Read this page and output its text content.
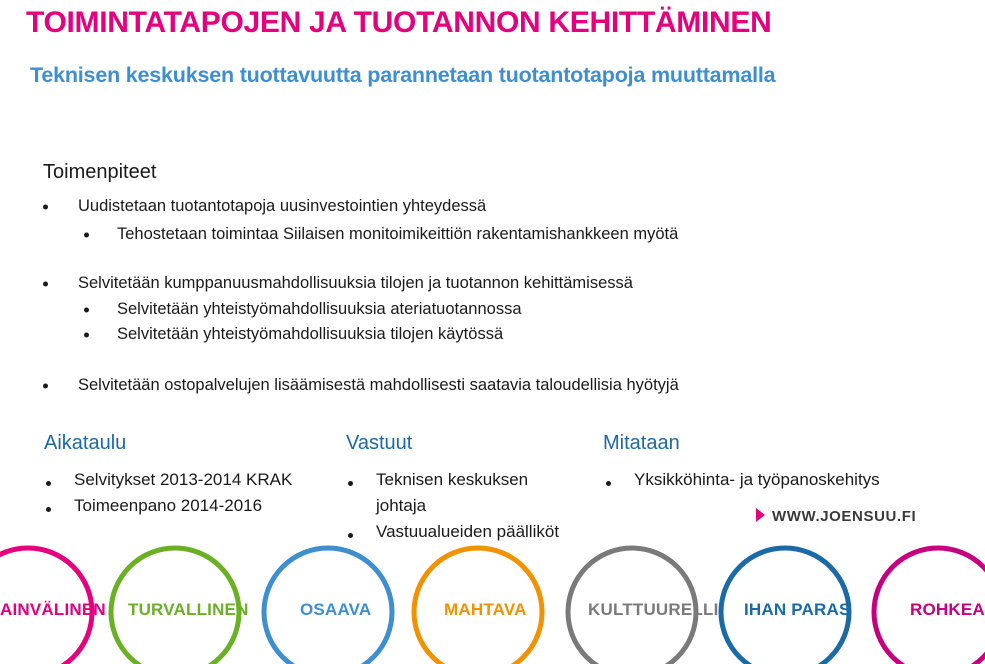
TOIMINTATAPOJEN JA TUOTANNON KEHITTÄMINEN
Teknisen keskuksen tuottavuutta parannetaan tuotantotapoja muuttamalla
Toimenpiteet
Uudistetaan tuotantotapoja uusinvestointien yhteydessä
Tehostetaan toimintaa Siilaisen monitoimikeittiön rakentamishankkeen myötä
Selvitetään kumppanuusmahdollisuuksia tilojen ja tuotannon kehittämisessä
Selvitetään yhteistyömahdollisuuksia ateriatuotannossa
Selvitetään yhteistyömahdollisuuksia tilojen käytössä
Selvitetään ostopalvelujen lisäämisestä mahdollisesti saatavia taloudellisia hyötyjä
Aikataulu
Selvitykset 2013-2014 KRAK
Toimeenpano 2014-2016
Vastuut
Teknisen keskuksen
johtaja
Vastuualueiden päälliköt
Mitataan
Yksikköhinta- ja työpanoskehitys
WWW.JOENSUU.FI
AINVÄLINEN TURVALLINEN	OSAAVA	MAHTAVA	KULTTUURELLI IHAN PARAS	ROHKEA
